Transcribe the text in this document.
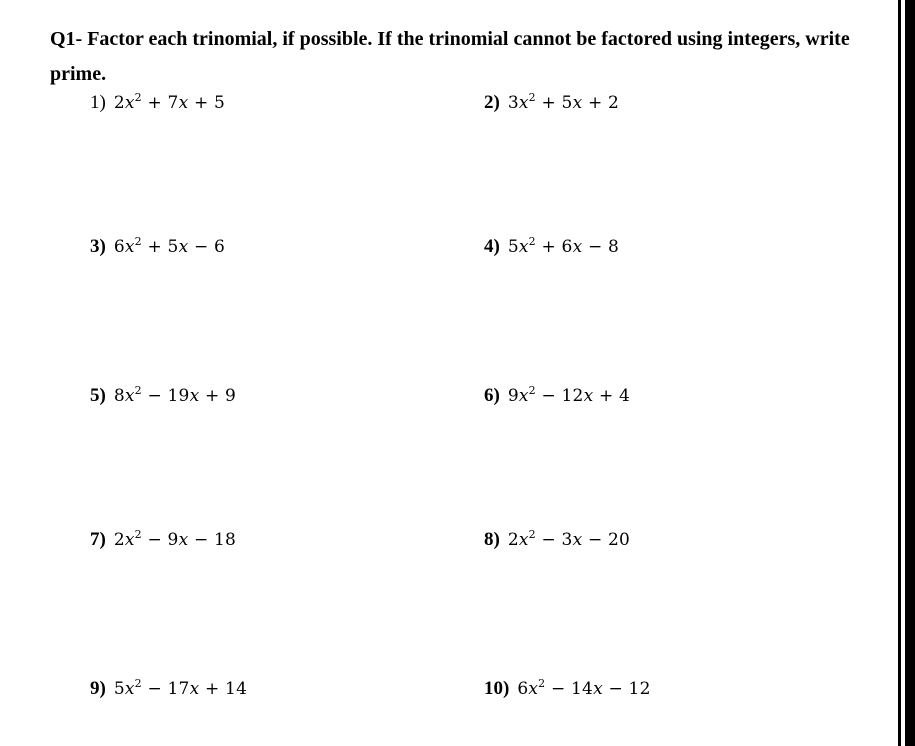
Q1- Factor each trinomial, if possible. If the trinomial cannot be factored using integers, write prime.
1) $2x^2 + 7x + 5$	2) $3x^2 + 5x + 2$
3) $6x^2 + 5x - 6$	4) $5x^2 + 6x - 8$
5) $8x^2 - 19x + 9$	6) $9x^2 - 12x + 4$
7) $2x^2 - 9x - 18$	8) $2x^2 - 3x - 20$
9) $5x^2 - 17x + 14$	10) $6x^2 - 14x - 12$
